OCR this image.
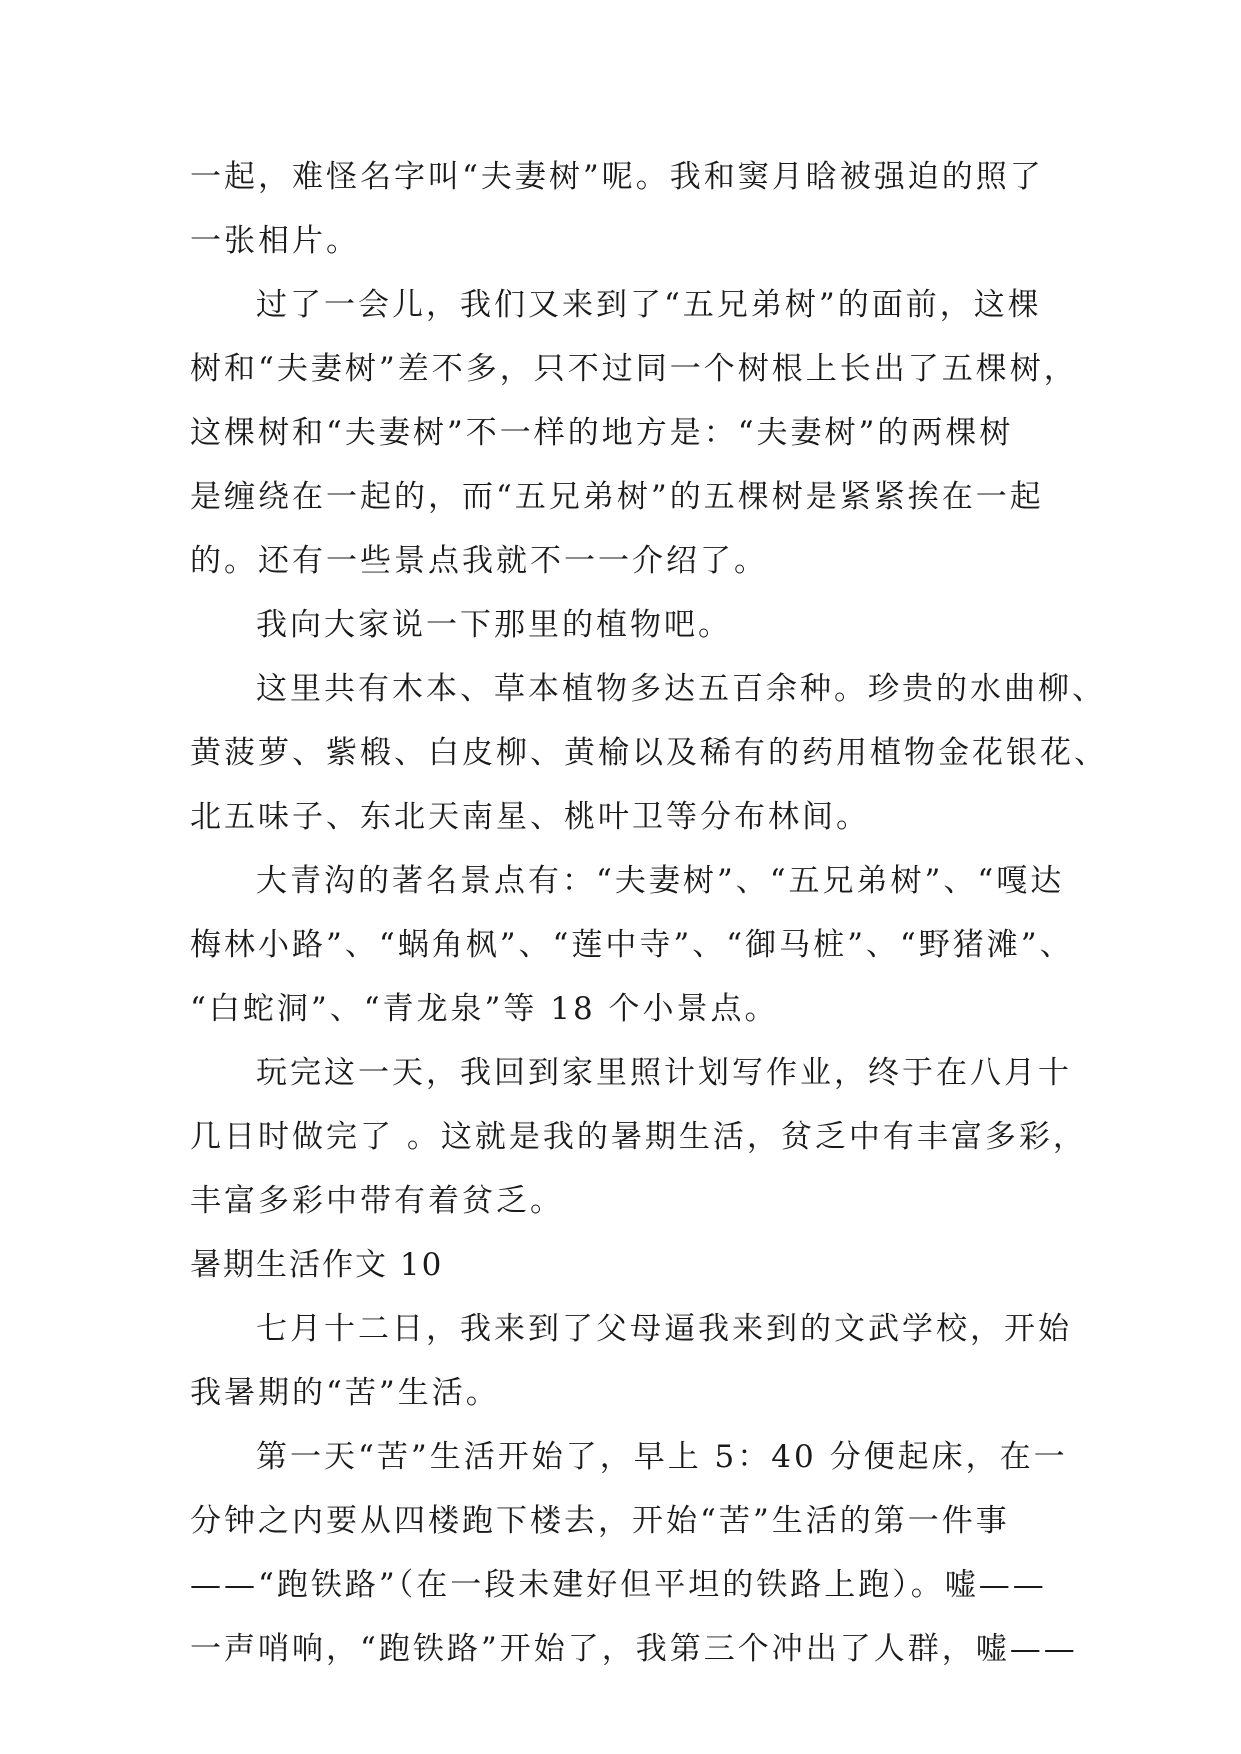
一起，难怪名字叫“夫妻树”呢。我和窦月晗被强迫的照了
一张相片。
过了一会儿，我们又来到了“五兄弟树”的面前，这棵
树和“夫妻树”差不多，只不过同一个树根上长出了五棵树，
这棵树和“夫妻树”不一样的地方是：“夫妻树”的两棵树
是缠绕在一起的，而“五兄弟树”的五棵树是紧紧挨在一起
的。还有一些景点我就不一一介绍了。
我向大家说一下那里的植物吧。
这里共有木本、草本植物多达五百余种。珍贵的水曲柳、
黄菠萝、紫椴、白皮柳、黄榆以及稀有的药用植物金花银花、
北五味子、东北天南星、桃叶卫等分布林间。
大青沟的著名景点有：“夫妻树”、“五兄弟树”、“嘎达
梅林小路”、“蜗角枫”、“莲中寺”、“御马桩”、“野猪滩”、
“白蛇洞”、“青龙泉”等 18 个小景点。
玩完这一天，我回到家里照计划写作业，终于在八月十
几日时做完了 。这就是我的暑期生活，贫乏中有丰富多彩，
丰富多彩中带有着贫乏。
暑期生活作文 10
七月十二日，我来到了父母逼我来到的文武学校，开始
我暑期的“苦”生活。
第一天“苦”生活开始了，早上 5：40 分便起床，在一
分钟之内要从四楼跑下楼去，开始“苦”生活的第一件事
——“跑铁路”（在一段未建好但平坦的铁路上跑）。嘘——
一声哨响，“跑铁路”开始了，我第三个冲出了人群，嘘——
